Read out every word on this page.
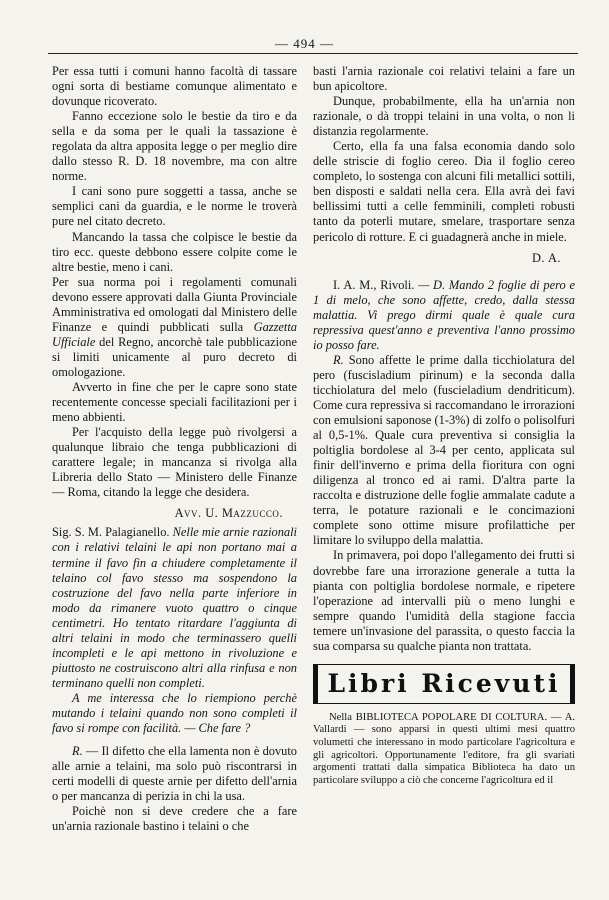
— 494 —

Per essa tutti i comuni hanno facoltà di tassare ogni sorta di bestiame comunque alimentato e dovunque ricoverato.

Fanno eccezione solo le bestie da tiro e da sella e da soma per le quali la tassazione è regolata da altra apposita legge o per meglio dire dallo stesso R. D. 18 novembre, ma con altre norme.

I cani sono pure soggetti a tassa, anche se semplici cani da guardia, e le norme le troverà pure nel citato decreto.

Mancando la tassa che colpisce le bestie da tiro ecc. queste debbono essere colpite come le altre bestie, meno i cani.

Per sua norma poi i regolamenti comunali devono essere approvati dalla Giunta Provinciale Amministrativa ed omologati dal Ministero delle Finanze e quindi pubblicati sulla Gazzetta Ufficiale del Regno, ancorchè tale pubblicazione si limiti unicamente al puro decreto di omologazione.

Avverto in fine che per le capre sono state recentemente concesse speciali facilitazioni per i meno abbienti.

Per l'acquisto della legge può rivolgersi a qualunque libraio che tenga pubblicazioni di carattere legale; in mancanza si rivolga alla Libreria dello Stato — Ministero delle Finanze — Roma, citando la legge che desidera.

Avv. U. Mazzucco.

Sig. S. M. Palagianello. Nelle mie arnie razionali con i relativi telaini le api non portano mai a termine il favo fin a chiudere completamente il telaino col favo stesso ma sospendono la costruzione del favo nella parte inferiore in modo da rimanere vuoto quattro o cinque centimetri. Ho tentato ritardare l'aggiunta di altri telaini in modo che terminassero quelli incompleti e le api mettono in rivoluzione e piuttosto ne costruiscono altri alla rinfusa e non terminano quelli non completi.

A me interessa che lo riempiono perchè mutando i telaini quando non sono completi il favo si rompe con facilità. — Che fare ?

R. — Il difetto che ella lamenta non è dovuto alle arnie a telaini, ma solo può riscontrarsi in certi modelli di queste arnie per difetto dell'arnia o per mancanza di perizia in chi la usa.

Poichè non si deve credere che a fare un'arnia razionale bastino i telaini o che

basti l'arnia razionale coi relativi telaini a fare un bun apicoltore.

Dunque, probabilmente, ella ha un'arnia non razionale, o dà troppi telaini in una volta, o non li distanzia regolarmente.

Certo, ella fa una falsa economia dando solo delle striscie di foglio cereo. Dia il foglio cereo completo, lo sostenga con alcuni fili metallici sottili, ben disposti e saldati nella cera. Ella avrà dei favi bellissimi tutti a celle femminili, completi robusti tanto da poterli mutare, smelare, trasportare senza pericolo di rotture. E ci guadagnerà anche in miele.

D. A.

I. A. M., Rivoli. — D. Mando 2 foglie di pero e 1 di melo, che sono affette, credo, dalla stessa malattia. Vi prego dirmi quale è quale cura repressiva quest'anno e preventiva l'anno prossimo io posso fare.

R. Sono affette le prime dalla ticchiolatura del pero (fuscisladium pirinum) e la seconda dalla ticchiolatura del melo (fuscieladium dendriticum). Come cura repressiva si raccomandano le irrorazioni con emulsioni saponose (1-3%) di zolfo o polisolfuri al 0,5-1%. Quale cura preventiva si consiglia la poltiglia bordolese al 3-4 per cento, applicata sul finir dell'inverno e prima della fioritura con ogni diligenza al tronco ed ai rami. D'altra parte la raccolta e distruzione delle foglie ammalate cadute a terra, le potature razionali e le concimazioni complete sono ottime misure profilattiche per limitare lo sviluppo della malattia.

In primavera, poi dopo l'allegamento dei frutti si dovrebbe fare una irrorazione generale a tutta la pianta con poltiglia bordolese normale, e ripetere l'operazione ad intervalli più o meno lunghi e sempre quando l'umidità della stagione faccia temere un'invasione del parassita, o questo faccia la sua comparsa su qualche pianta non trattata.

Libri Ricevuti

Nella BIBLIOTECA POPOLARE DI COLTURA. — A. Vallardi — sono apparsi in questi ultimi mesi quattro volumetti che interessano in modo particolare l'agricoltura e gli agricoltori. Opportunamente l'editore, fra gli svariati argomenti trattati dalla simpatica Biblioteca ha dato un particolare sviluppo a ciò che concerne l'agricoltura ed il
